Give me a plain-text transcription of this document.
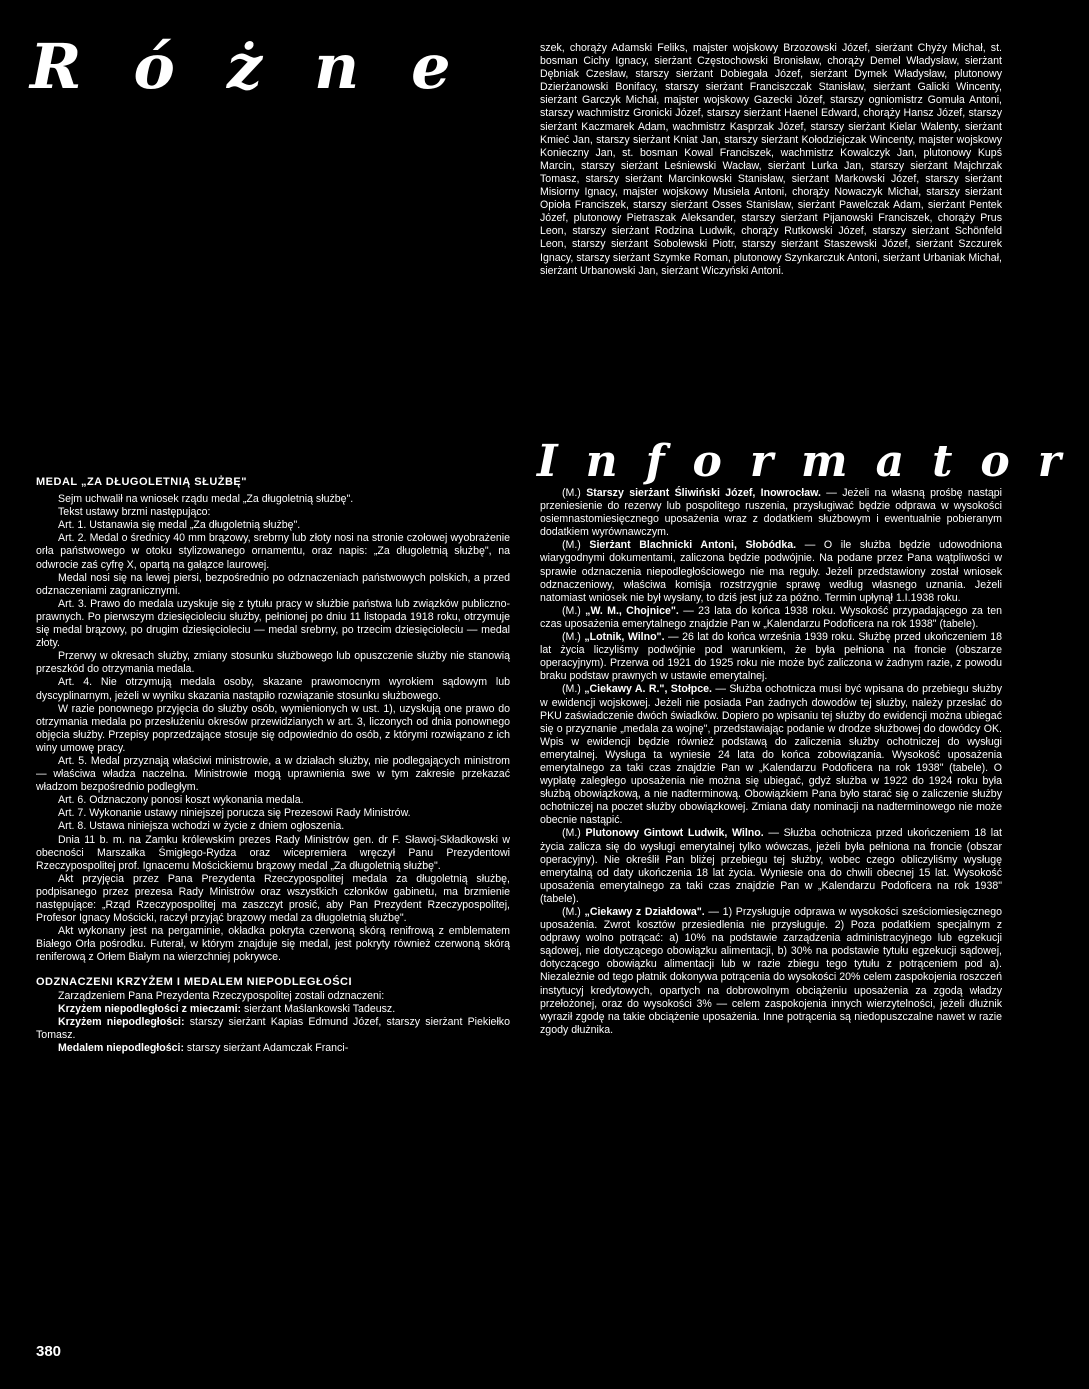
Różne	szek, chorąży Adamski Feliks, majster wojskowy Brzozowski Józef, sierżant Chyży Michał, st. bosman Cichy Ignacy, sierżant Częstochowski Bronisław, chorąży Demel Władysław, sierżant Dębniak Czesław, starszy sierżant Dobiegała Józef, sierżant Dymek Władysław, plutonowy Dzierżanowski Bonifacy, starszy sierżant Franciszczak Stanisław, sierżant Galicki Wincenty, sierżant Garczyk Michał, majster wojskowy Gazecki Józef, starszy ogniomistrz Gomuła Antoni, starszy wachmistrz Gronicki Józef, starszy sierżant Haenel Edward, chorąży Hansz Józef, starszy sierżant Kaczmarek Adam, wachmistrz Kasprzak Józef, starszy sierżant Kielar Walenty, sierżant Kmieć Jan, starszy sierżant Kniat Jan, starszy sierżant Kołodziejczak Wincenty, majster wojskowy Konieczny Jan, st. bosman Kowal Franciszek, wachmistrz Kowalczyk Jan, plutonowy Kupś Marcin, starszy sierżant Leśniewski Wacław, sierżant Lurka Jan, starszy sierżant Majchrzak Tomasz, starszy sierżant Marcinkowski Stanisław, sierżant Markowski Józef, starszy sierżant Misiorny Ignacy, majster wojskowy Musiela Antoni, chorąży Nowaczyk Michał, starszy sierżant Opioła Franciszek, starszy sierżant Osses Stanisław, sierżant Pawelczak Adam, sierżant Pentek Józef, plutonowy Pietraszak Aleksander, starszy sierżant Pijanowski Franciszek, chorąży Prus Leon, starszy sierżant Rodzina Ludwik, chorąży Rutkowski Józef, starszy sierżant Schönfeld Leon, starszy sierżant Sobolewski Piotr, starszy sierżant Staszewski Józef, sierżant Szczurek Ignacy, starszy sierżant Szymke Roman, plutonowy Szynkarczuk Antoni, sierżant Urbaniak Michał, sierżant Urbanowski Jan, sierżant Wiczyński Antoni.

Informator

MEDAL „ZA DŁUGOLETNIĄ SŁUŻBĘ"

Sejm uchwalił na wniosek rządu medal „Za długoletnią służbę".

Tekst ustawy brzmi następująco:

Art. 1. Ustanawia się medal „Za długoletnią służbę".

Art. 2. Medal o średnicy 40 mm brązowy, srebrny lub złoty nosi na stronie czołowej wyobrażenie orła państwowego w otoku stylizowanego ornamentu, oraz napis: „Za długoletnią służbę", na odwrocie zaś cyfrę X, opartą na gałązce laurowej.

Medal nosi się na lewej piersi, bezpośrednio po odznaczeniach państwowych polskich, a przed odznaczeniami zagranicznymi.

Art. 3. Prawo do medala uzyskuje się z tytułu pracy w służbie państwa lub związków publiczno-prawnych. Po pierwszym dziesięcioleciu służby, pełnionej po dniu 11 listopada 1918 roku, otrzymuje się medal brązowy, po drugim dziesięcioleciu — medal srebrny, po trzecim dziesięcioleciu — medal złoty.

Przerwy w okresach służby, zmiany stosunku służbowego lub opuszczenie służby nie stanowią przeszkód do otrzymania medala.

Art. 4. Nie otrzymują medala osoby, skazane prawomocnym wyrokiem sądowym lub dyscyplinarnym, jeżeli w wyniku skazania nastąpiło rozwiązanie stosunku służbowego.

W razie ponownego przyjęcia do służby osób, wymienionych w ust. 1), uzyskują one prawo do otrzymania medala po przesłużeniu okresów przewidzianych w art. 3, liczonych od dnia ponownego objęcia służby. Przepisy poprzedzające stosuje się odpowiednio do osób, z którymi rozwiązano z ich winy umowę pracy.

Art. 5. Medal przyznają właściwi ministrowie, a w działach służby, nie podlegających ministrom — właściwa władza naczelna. Ministrowie mogą uprawnienia swe w tym zakresie przekazać władzom bezpośrednio podległym.

Art. 6. Odznaczony ponosi koszt wykonania medala.

Art. 7. Wykonanie ustawy niniejszej porucza się Prezesowi Rady Ministrów.

Art. 8. Ustawa niniejsza wchodzi w życie z dniem ogłoszenia.

Dnia 11 b. m. na Zamku królewskim prezes Rady Ministrów gen. dr F. Sławoj-Składkowski w obecności Marszałka Śmigłego-Rydza oraz wicepremiera wręczył Panu Prezydentowi Rzeczypospolitej prof. Ignacemu Mościckiemu brązowy medal „Za długoletnią służbę".

Akt przyjęcia przez Pana Prezydenta Rzeczypospolitej medala za długoletnią służbę, podpisanego przez prezesa Rady Ministrów oraz wszystkich członków gabinetu, ma brzmienie następujące: „Rząd Rzeczypospolitej ma zaszczyt prosić, aby Pan Prezydent Rzeczypospolitej, Profesor Ignacy Mościcki, raczył przyjąć brązowy medal za długoletnią służbę".

Akt wykonany jest na pergaminie, okładka pokryta czerwoną skórą renifrową z emblematem Białego Orła pośrodku. Futerał, w którym znajduje się medal, jest pokryty również czerwoną skórą reniferową z Orłem Białym na wierzchniej pokrywce.

ODZNACZENI KRZYŻEM I MEDALEM NIEPODLEGŁOŚCI

Zarządzeniem Pana Prezydenta Rzeczypospolitej zostali odznaczeni:

Krzyżem niepodległości z mieczami: sierżant Maślankowski Tadeusz.

Krzyżem niepodległości: starszy sierżant Kapias Edmund Józef, starszy sierżant Piekiełko Tomasz.

Medalem niepodległości: starszy sierżant Adamczak Franci-

(M.) Starszy sierżant Śliwiński Józef, Inowrocław. — Jeżeli na własną prośbę nastąpi przeniesienie do rezerwy lub pospolitego ruszenia, przysługiwać będzie odprawa w wysokości osiemnastomiesięcznego uposażenia wraz z dodatkiem służbowym i ewentualnie pobieranym dodatkiem wyrównawczym.

(M.) Sierżant Blachnicki Antoni, Słobódka. — O ile służba będzie udowodniona wiarygodnymi dokumentami, zaliczona będzie podwójnie. Na podane przez Pana wątpliwości w sprawie odznaczenia niepodległościowego nie ma reguły. Jeżeli przedstawiony został wniosek odznaczeniowy, właściwa komisja rozstrzygnie sprawę według własnego uznania. Jeżeli natomiast wniosek nie był wysłany, to dziś jest już za późno. Termin upłynął 1.I.1938 roku.

(M.) „W. M., Chojnice". — 23 lata do końca 1938 roku. Wysokość przypadającego za ten czas uposażenia emerytalnego znajdzie Pan w „Kalendarzu Podoficera na rok 1938" (tabele).

(M.) „Lotnik, Wilno". — 26 lat do końca września 1939 roku. Służbę przed ukończeniem 18 lat życia liczyliśmy podwójnie pod warunkiem, że była pełniona na froncie (obszarze operacyjnym). Przerwa od 1921 do 1925 roku nie może być zaliczona w żadnym razie, z powodu braku podstaw prawnych w ustawie emerytalnej.

(M.) „Ciekawy A. R.", Stołpce. — Służba ochotnicza musi być wpisana do przebiegu służby w ewidencji wojskowej. Jeżeli nie posiada Pan żadnych dowodów tej służby, należy przesłać do PKU zaświadczenie dwóch świadków. Dopiero po wpisaniu tej służby do ewidencji można ubiegać się o przyznanie „medala za wojnę", przedstawiając podanie w drodze służbowej do dowódcy OK. Wpis w ewidencji będzie również podstawą do zaliczenia służby ochotniczej do wysługi emerytalnej. Wysługa ta wyniesie 24 lata do końca zobowiązania. Wysokość uposażenia emerytalnego za taki czas znajdzie Pan w „Kalendarzu Podoficera na rok 1938" (tabele). O wypłatę zaległego uposażenia nie można się ubiegać, gdyż służba w 1922 do 1924 roku była służbą obowiązkową, a nie nadterminową. Obowiązkiem Pana było starać się o zaliczenie służby ochotniczej na poczet służby obowiązkowej. Zmiana daty nominacji na nadterminowego nie może obecnie nastąpić.

(M.) Plutonowy Gintowt Ludwik, Wilno. — Służba ochotnicza przed ukończeniem 18 lat życia zalicza się do wysługi emerytalnej tylko wówczas, jeżeli była pełniona na froncie (obszar operacyjny). Nie określił Pan bliżej przebiegu tej służby, wobec czego obliczyliśmy wysługę emerytalną od daty ukończenia 18 lat życia. Wyniesie ona do chwili obecnej 15 lat. Wysokość uposażenia emerytalnego za taki czas znajdzie Pan w „Kalendarzu Podoficera na rok 1938" (tabele).

(M.) „Ciekawy z Działdowa". — 1) Przysługuje odprawa w wysokości sześciomiesięcznego uposażenia. Zwrot kosztów przesiedlenia nie przysługuje. 2) Poza podatkiem specjalnym z odprawy wolno potrącać: a) 10% na podstawie zarządzenia administracyjnego lub egzekucji sądowej, nie dotyczącego obowiązku alimentacji, b) 30% na podstawie tytułu egzekucji sądowej, dotyczącego obowiązku alimentacji lub w razie zbiegu tego tytułu z potrąceniem pod a). Niezależnie od tego płatnik dokonywa potrącenia do wysokości 20% celem zaspokojenia roszczeń instytucyj kredytowych, opartych na dobrowolnym obciążeniu uposażenia za zgodą władzy przełożonej, oraz do wysokości 3% — celem zaspokojenia innych wierzytelności, jeżeli dłużnik wyraził zgodę na takie obciążenie uposażenia. Inne potrącenia są niedopuszczalne nawet w razie zgody dłużnika.

380
